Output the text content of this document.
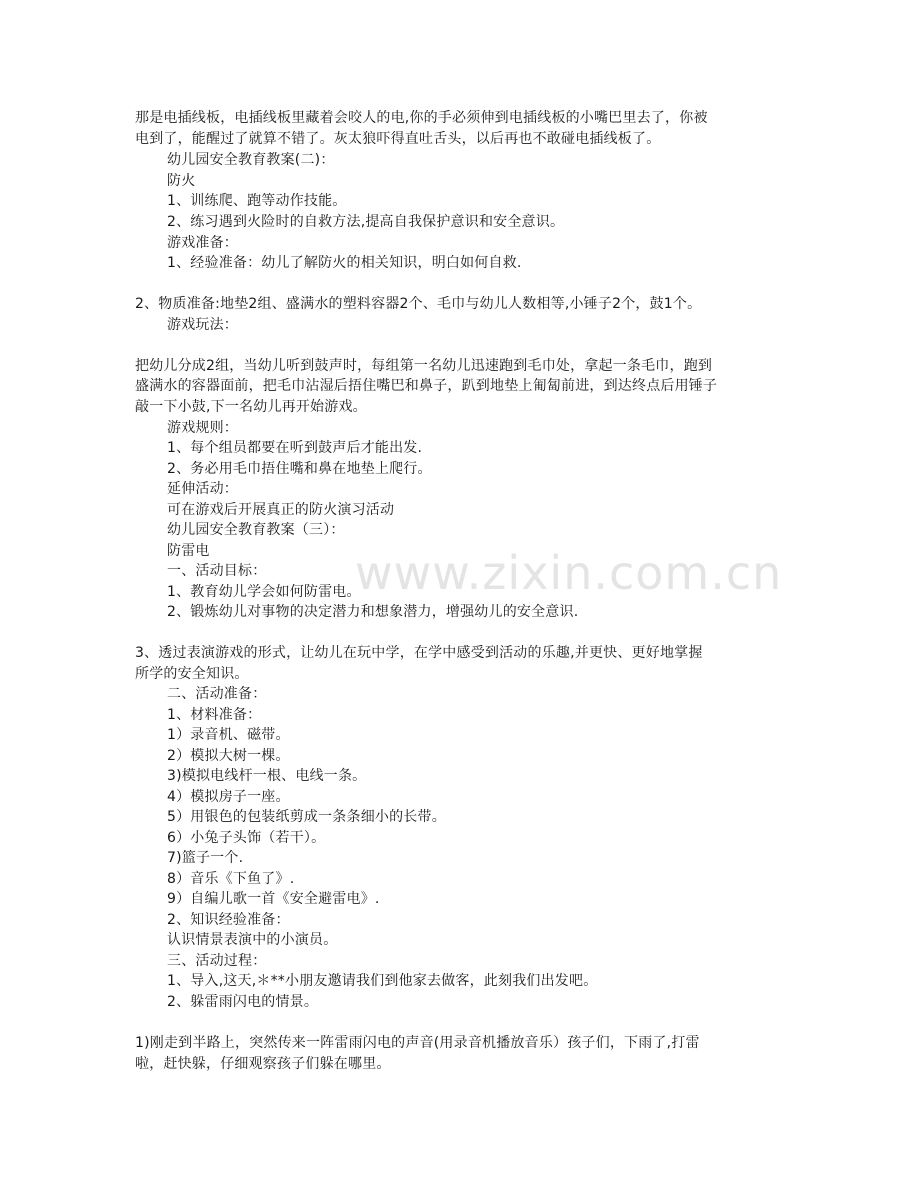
www.zixin.com.cn
那是电插线板，电插线板里藏着会咬人的电,你的手必须伸到电插线板的小嘴巴里去了，你被
电到了，能醒过了就算不错了。灰太狼吓得直吐舌头，以后再也不敢碰电插线板了。
幼儿园安全教育教案(二)：
防火
1、训练爬、跑等动作技能。
2、练习遇到火险时的自救方法,提高自我保护意识和安全意识。
游戏准备：
1、经验准备：幼儿了解防火的相关知识，明白如何自救.
2、物质准备:地垫2组、盛满水的塑料容器2个、毛巾与幼儿人数相等,小锤子2个，鼓1个。
游戏玩法：
把幼儿分成2组，当幼儿听到鼓声时，每组第一名幼儿迅速跑到毛巾处，拿起一条毛巾，跑到
盛满水的容器面前，把毛巾沾湿后捂住嘴巴和鼻子，趴到地垫上匍匐前进，到达终点后用锤子
敲一下小鼓,下一名幼儿再开始游戏。
游戏规则：
1、每个组员都要在听到鼓声后才能出发.
2、务必用毛巾捂住嘴和鼻在地垫上爬行。
延伸活动：
可在游戏后开展真正的防火演习活动
幼儿园安全教育教案（三）：
防雷电
一、活动目标：
1、教育幼儿学会如何防雷电。
2、锻炼幼儿对事物的决定潜力和想象潜力，增强幼儿的安全意识.
3、透过表演游戏的形式，让幼儿在玩中学，在学中感受到活动的乐趣,并更快、更好地掌握
所学的安全知识。
二、活动准备：
1、材料准备：
1）录音机、磁带。
2）模拟大树一棵。
3)模拟电线杆一根、电线一条。
4）模拟房子一座。
5）用银色的包装纸剪成一条条细小的长带。
6）小兔子头饰（若干）。
7)篮子一个.
8）音乐《下鱼了》.
9）自编儿歌一首《安全避雷电》.
2、知识经验准备：
认识情景表演中的小演员。
三、活动过程：
1、导入,这天,＊**小朋友邀请我们到他家去做客，此刻我们出发吧。
2、躲雷雨闪电的情景。
1)刚走到半路上，突然传来一阵雷雨闪电的声音(用录音机播放音乐）孩子们，下雨了,打雷
啦，赶快躲，仔细观察孩子们躲在哪里。
